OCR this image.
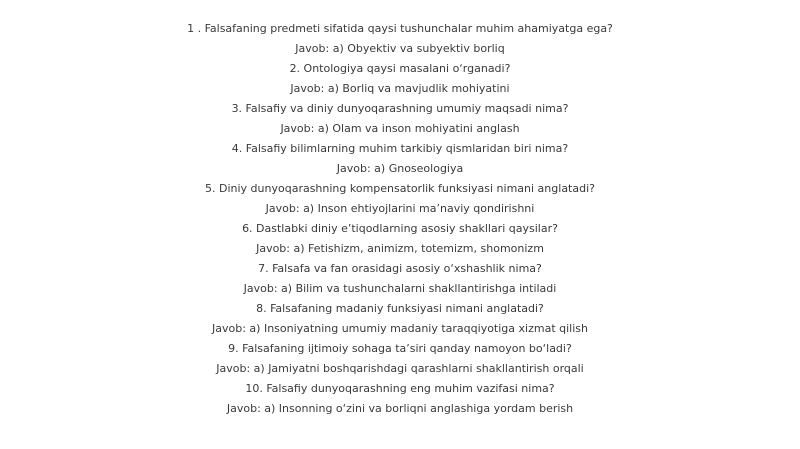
1 . Falsafaning predmeti sifatida qaysi tushunchalar muhim ahamiyatga ega?
Javob: a) Obyektiv va subyektiv borliq
2. Ontologiya qaysi masalani o‘rganadi?
Javob: a) Borliq va mavjudlik mohiyatini
3. Falsafiy va diniy dunyoqarashning umumiy maqsadi nima?
Javob: a) Olam va inson mohiyatini anglash
4. Falsafiy bilimlarning muhim tarkibiy qismlaridan biri nima?
Javob: a) Gnoseologiya
5. Diniy dunyoqarashning kompensatorlik funksiyasi nimani anglatadi?
Javob: a) Inson ehtiyojlarini ma’naviy qondirishni
6. Dastlabki diniy e’tiqodlarning asosiy shakllari qaysilar?
Javob: a) Fetishizm, animizm, totemizm, shomonizm
7. Falsafa va fan orasidagi asosiy o‘xshashlik nima?
Javob: a) Bilim va tushunchalarni shakllantirishga intiladi
8. Falsafaning madaniy funksiyasi nimani anglatadi?
Javob: a) Insoniyatning umumiy madaniy taraqqiyotiga xizmat qilish
9. Falsafaning ijtimoiy sohaga ta’siri qanday namoyon bo‘ladi?
Javob: a) Jamiyatni boshqarishdagi qarashlarni shakllantirish orqali
10. Falsafiy dunyoqarashning eng muhim vazifasi nima?
Javob: a) Insonning o‘zini va borliqni anglashiga yordam berish
